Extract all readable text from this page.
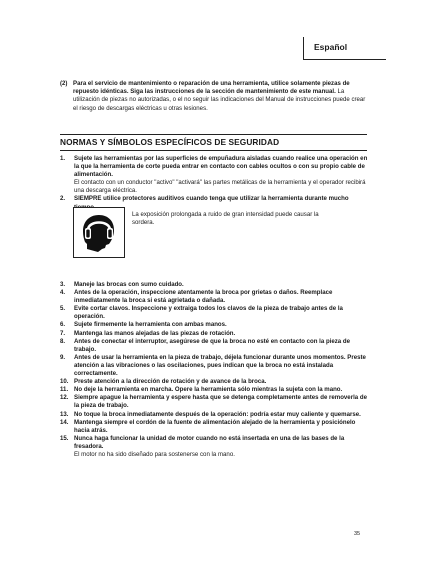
Español
(2) Para el servicio de mantenimiento o reparación de una herramienta, utilice solamente piezas de repuesto idénticas. Siga las instrucciones de la sección de mantenimiento de este manual. La utilización de piezas no autorizadas, o el no seguir las indicaciones del Manual de instrucciones puede crear el riesgo de descargas eléctricas u otras lesiones.
NORMAS Y SÍMBOLOS ESPECÍFICOS DE SEGURIDAD
1. Sujete las herramientas por las superficies de empuñadura aisladas cuando realice una operación en la que la herramienta de corte pueda entrar en contacto con cables ocultos o con su propio cable de alimentación.
El contacto con un conductor "activo" "activará" las partes metálicas de la herramienta y el operador recibirá una descarga eléctrica.
2. SIEMPRE utilice protectores auditivos cuando tenga que utilizar la herramienta durante mucho
La exposición prolongada a ruido de gran intensidad puede causar la sordera.
3. Maneje las brocas con sumo cuidado.
4. Antes de la operación, inspeccione atentamente la broca por grietas o daños. Reemplace inmediatamente la broca si está agrietada o dañada.
5. Evite cortar clavos. Inspeccione y extraiga todos los clavos de la pieza de trabajo antes de la operación.
6. Sujete firmemente la herramienta con ambas manos.
7. Mantenga las manos alejadas de las piezas de rotación.
8. Antes de conectar el interruptor, asegúrese de que la broca no esté en contacto con la pieza de trabajo.
9. Antes de usar la herramienta en la pieza de trabajo, déjela funcionar durante unos momentos. Preste atención a las vibraciones o las oscilaciones, pues indican que la broca no está instalada correctamente.
10. Preste atención a la dirección de rotación y de avance de la broca.
11. No deje la herramienta en marcha. Opere la herramienta sólo mientras la sujeta con la mano.
12. Siempre apague la herramienta y espere hasta que se detenga completamente antes de removerla de la pieza de trabajo.
13. No toque la broca inmediatamente después de la operación: podría estar muy caliente y quemarse.
14. Mantenga siempre el cordón de la fuente de alimentación alejado de la herramienta y posiciónelo hacia atrás.
15. Nunca haga funcionar la unidad de motor cuando no está insertada en una de las bases de la fresadora.
El motor no ha sido diseñado para sostenerse con la mano.
35
